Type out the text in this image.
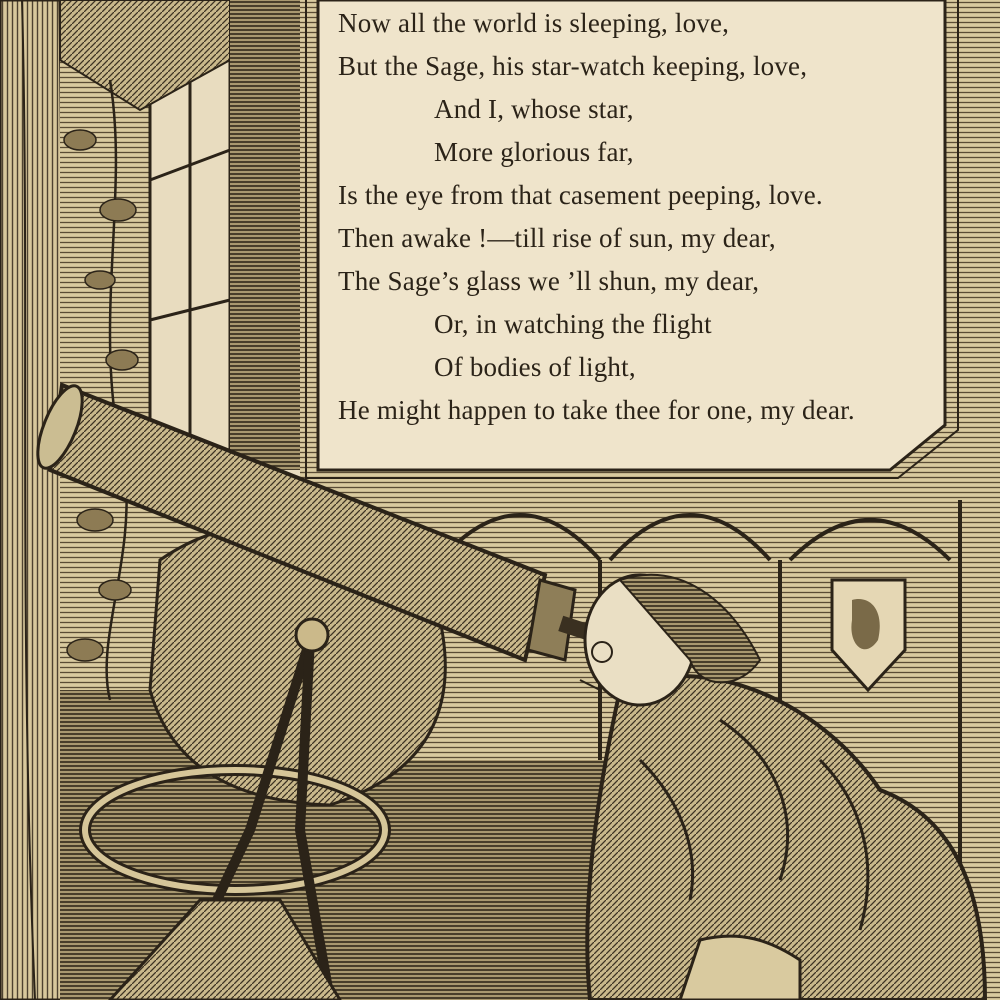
Now all the world is sleeping, love,
But the Sage, his star-watch keeping, love,
And I, whose star,
More glorious far,
Is the eye from that casement peeping, love.
Then awake !—till rise of sun, my dear,
The Sage’s glass we ’ll shun, my dear,
Or, in watching the flight
Of bodies of light,
He might happen to take thee for one, my dear.
